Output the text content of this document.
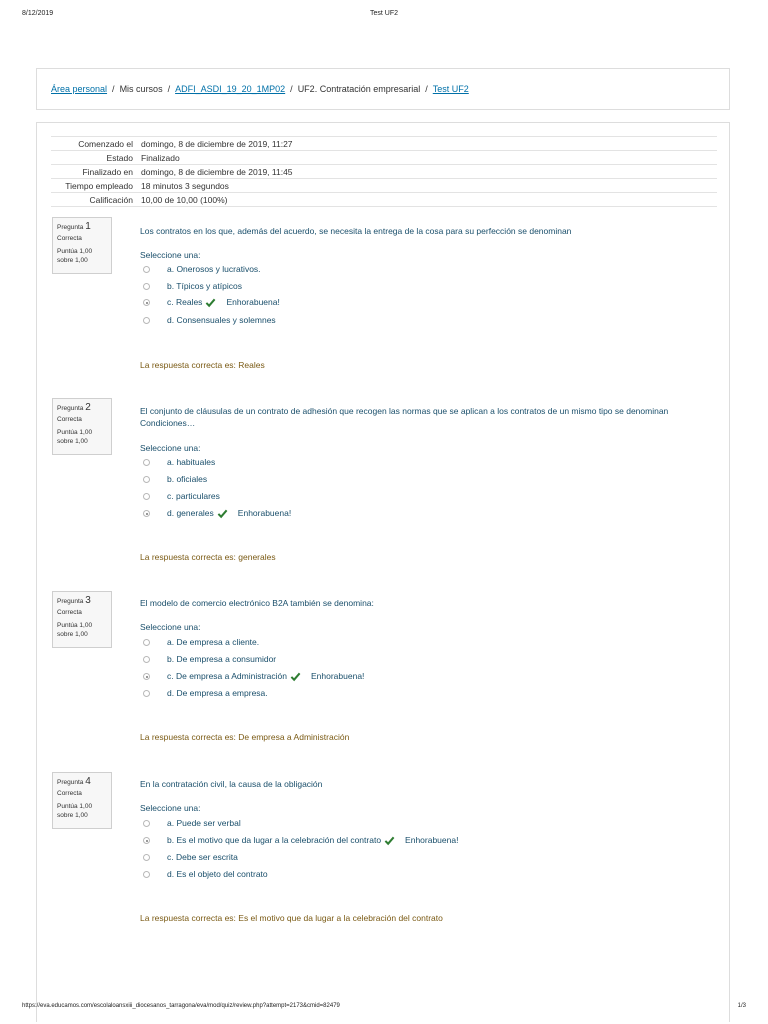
8/12/2019	Test UF2
Área personal / Mis cursos / ADFI_ASDI_19_20_1MP02 / UF2. Contratación empresarial / Test UF2
Comenzado el	domingo, 8 de diciembre de 2019, 11:27
Estado	Finalizado
Finalizado en	domingo, 8 de diciembre de 2019, 11:45
Tiempo empleado	18 minutos 3 segundos
Calificación	10,00 de 10,00 (100%)
Pregunta 1
Correcta
Puntúa 1,00
sobre 1,00
Los contratos en los que, además del acuerdo, se necesita la entrega de la cosa para su perfección se denominan
Seleccione una:
a. Onerosos y lucrativos.
b. Típicos y atípicos
c. Reales	Enhorabuena!
d. Consensuales y solemnes
La respuesta correcta es: Reales
Pregunta 2
Correcta
Puntúa 1,00
sobre 1,00
El conjunto de cláusulas de un contrato de adhesión que recogen las normas que se aplican a los contratos de un mismo tipo se denominan
Condiciones…
Seleccione una:
a. habituales
b. oficiales
c. particulares
d. generales	Enhorabuena!
La respuesta correcta es: generales
Pregunta 3
Correcta
Puntúa 1,00
sobre 1,00
El modelo de comercio electrónico B2A también se denomina:
Seleccione una:
a. De empresa a cliente.
b. De empresa a consumidor
c. De empresa a Administración	Enhorabuena!
d. De empresa a empresa.
La respuesta correcta es: De empresa a Administración
Pregunta 4
Correcta
Puntúa 1,00
sobre 1,00
En la contratación civil, la causa de la obligación
Seleccione una:
a. Puede ser verbal
b. Es el motivo que da lugar a la celebración del contrato	Enhorabuena!
c. Debe ser escrita
d. Es el objeto del contrato
La respuesta correcta es: Es el motivo que da lugar a la celebración del contrato
https://eva.educamos.com/escolaloansxiii_diocesanos_tarragona/eva/mod/quiz/review.php?attempt=2173&cmid=82479	1/3
